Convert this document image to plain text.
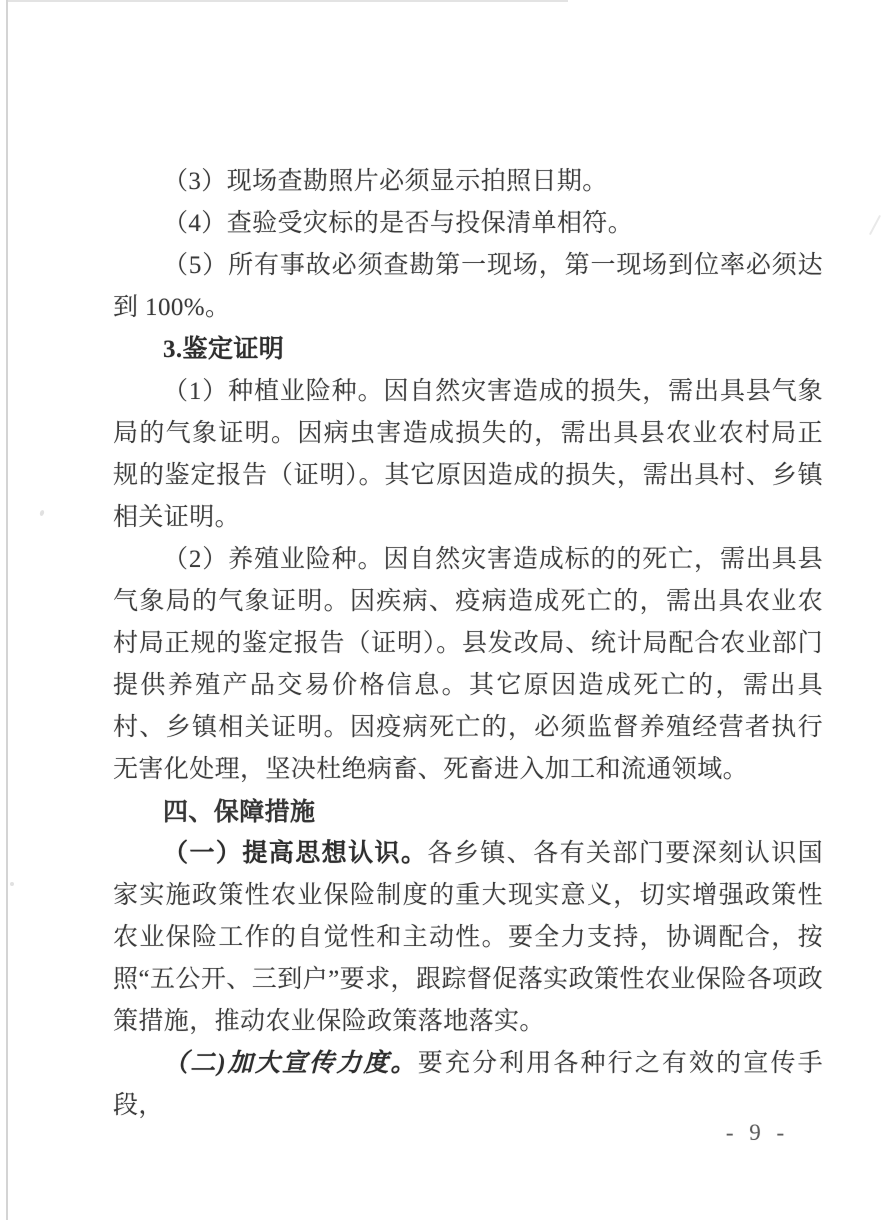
（3）现场查勘照片必须显示拍照日期。

（4）查验受灾标的是否与投保清单相符。

（5）所有事故必须查勘第一现场，第一现场到位率必须达到 100%。

3.鉴定证明

（1）种植业险种。因自然灾害造成的损失，需出具县气象局的气象证明。因病虫害造成损失的，需出具县农业农村局正规的鉴定报告（证明）。其它原因造成的损失，需出具村、乡镇相关证明。

（2）养殖业险种。因自然灾害造成标的的死亡，需出具县气象局的气象证明。因疾病、疫病造成死亡的，需出具农业农村局正规的鉴定报告（证明）。县发改局、统计局配合农业部门提供养殖产品交易价格信息。其它原因造成死亡的，需出具村、乡镇相关证明。因疫病死亡的，必须监督养殖经营者执行无害化处理，坚决杜绝病畜、死畜进入加工和流通领域。

四、保障措施

（一）提高思想认识。各乡镇、各有关部门要深刻认识国家实施政策性农业保险制度的重大现实意义，切实增强政策性农业保险工作的自觉性和主动性。要全力支持，协调配合，按照“五公开、三到户”要求，跟踪督促落实政策性农业保险各项政策措施，推动农业保险政策落地落实。

（二)加大宣传力度。要充分利用各种行之有效的宣传手段，

- 9 -
